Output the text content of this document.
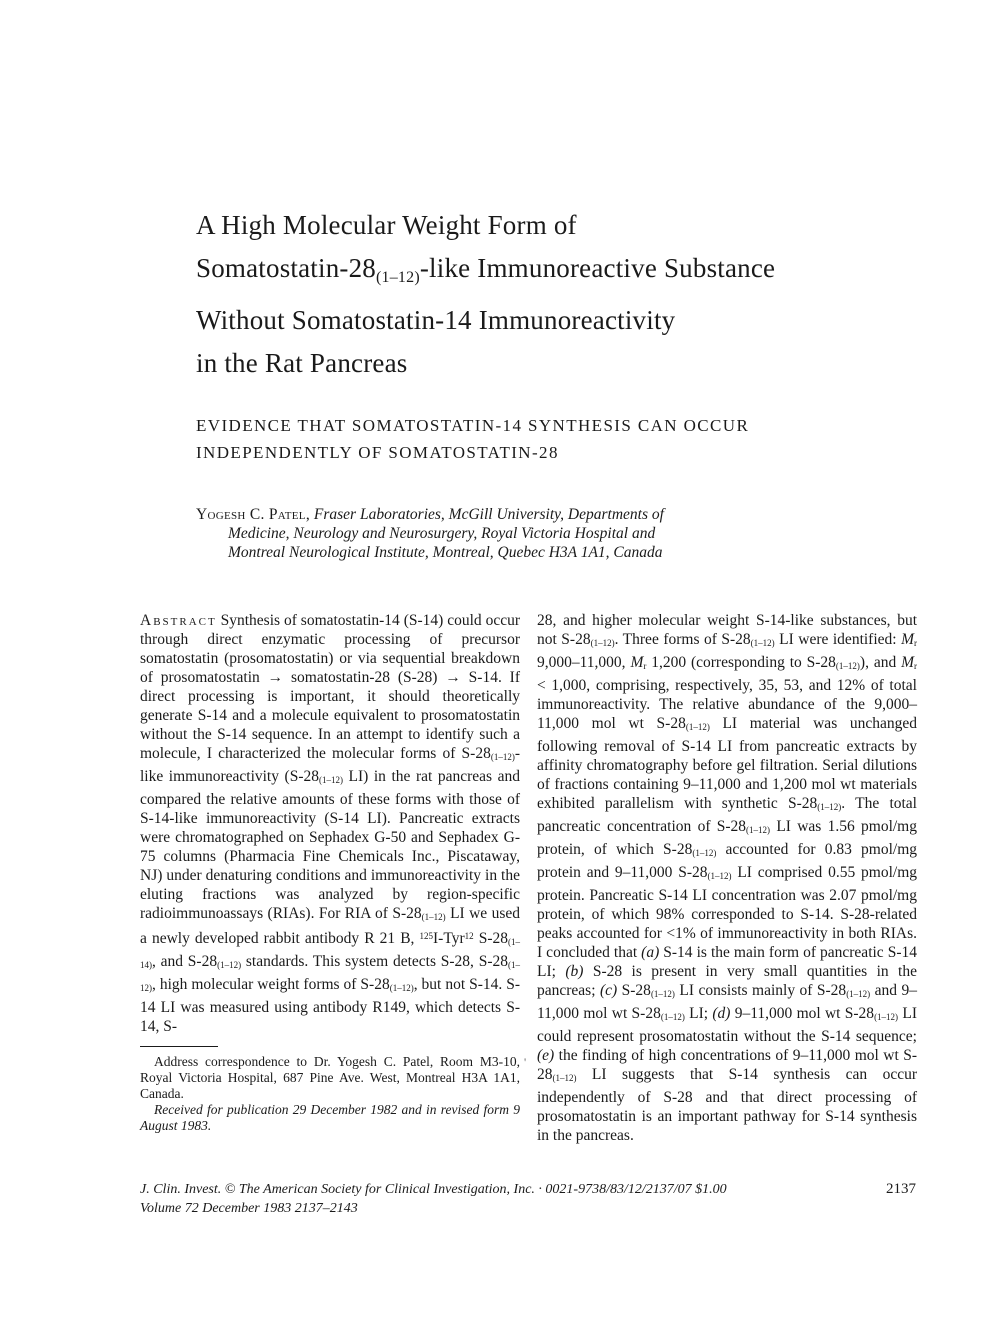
A High Molecular Weight Form of
Somatostatin-$28_{(1-12)}$-like Immunoreactive Substance
Without Somatostatin-14 Immunoreactivity
in the Rat Pancreas
EVIDENCE THAT SOMATOSTATIN-14 SYNTHESIS CAN OCCUR
INDEPENDENTLY OF SOMATOSTATIN-28
Yogesh C. Patel, Fraser Laboratories, McGill University, Departments of
Medicine, Neurology and Neurosurgery, Royal Victoria Hospital and
Montreal Neurological Institute, Montreal, Quebec H3A 1A1, Canada
Abstract Synthesis of somatostatin-14 (S-14) could occur through direct enzymatic processing of precursor somatostatin (prosomatostatin) or via sequential breakdown of prosomatostatin → somatostatin-28 (S-28) → S-14. If direct processing is important, it should theoretically generate S-14 and a molecule equivalent to prosomatostatin without the S-14 sequence. In an attempt to identify such a molecule, I characterized the molecular forms of $S-28_{(1-12)}$-like immunoreactivity ($S-28_{(1-12)}$ LI) in the rat pancreas and compared the relative amounts of these forms with those of S-14-like immunoreactivity (S-14 LI). Pancreatic extracts were chromatographed on Sephadex G-50 and Sephadex G-75 columns (Pharmacia Fine Chemicals Inc., Piscataway, NJ) under denaturing conditions and immunoreactivity in the eluting fractions was analyzed by region-specific radioimmunoassays (RIAs). For RIA of $S-28_{(1-12)}$ LI we used a newly developed rabbit antibody R 21 B, $^{125}$I-Tyr$^{12}$ $S-28_{(1-14)}$, and $S-28_{(1-12)}$ standards. This system detects S-28, $S-28_{(1-12)}$, high molecular weight forms of $S-28_{(1-12)}$, but not S-14. S-14 LI was measured using antibody R149, which detects S-14, S-
'
28, and higher molecular weight S-14-like substances, but not $S-28_{(1-12)}$. Three forms of $S-28_{(1-12)}$ LI were identified: $M_r$ 9,000–11,000, $M_r$ 1,200 (corresponding to $S-28_{(1-12)}$), and $M_r < 1,000$, comprising, respectively, 35, 53, and 12% of total immunoreactivity. The relative abundance of the 9,000–11,000 mol wt $S-28_{(1-12)}$ LI material was unchanged following removal of S-14 LI from pancreatic extracts by affinity chromatography before gel filtration. Serial dilutions of fractions containing 9–11,000 and 1,200 mol wt materials exhibited parallelism with synthetic $S-28_{(1-12)}$. The total pancreatic concentration of $S-28_{(1-12)}$ LI was 1.56 pmol/mg protein, of which $S-28_{(1-12)}$ accounted for 0.83 pmol/mg protein and 9–11,000 $S-28_{(1-12)}$ LI comprised 0.55 pmol/mg protein. Pancreatic S-14 LI concentration was 2.07 pmol/mg protein, of which 98% corresponded to S-14. S-28-related peaks accounted for <1% of immunoreactivity in both RIAs. I concluded that (a) S-14 is the main form of pancreatic S-14 LI; (b) S-28 is present in very small quantities in the pancreas; (c) $S-28_{(1-12)}$ LI consists mainly of $S-28_{(1-12)}$ and 9–11,000 mol wt $S-28_{(1-12)}$ LI; (d) 9–11,000 mol wt $S-28_{(1-12)}$ LI could represent prosomatostatin without the S-14 sequence; (e) the finding of high concentrations of 9–11,000 mol wt $S-28_{(1-12)}$ LI suggests that S-14 synthesis can occur independently of S-28 and that direct processing of prosomatostatin is an important pathway for S-14 synthesis in the pancreas.

Address correspondence to Dr. Yogesh C. Patel, Room M3-10, Royal Victoria Hospital, 687 Pine Ave. West, Montreal H3A 1A1, Canada.

Received for publication 29 December 1982 and in revised form 9 August 1983.

J. Clin. Invest. © The American Society for Clinical Investigation, Inc. · 0021-9738/83/12/2137/07 $1.00	2137
Volume 72 December 1983 2137–2143
